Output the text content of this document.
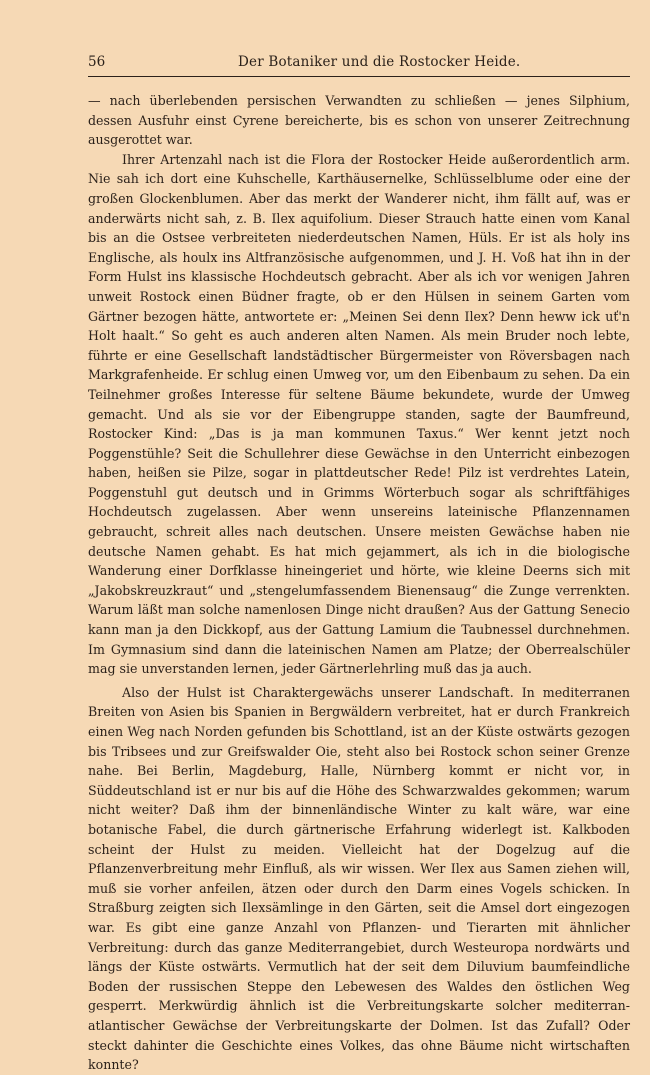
56	Der Botaniker und die Rostocker Heide.

— nach überlebenden persischen Verwandten zu schließen — jenes Silphium, dessen Ausfuhr einst Cyrene bereicherte, bis es schon von unserer Zeitrechnung ausgerottet war.

Ihrer Artenzahl nach ist die Flora der Rostocker Heide außerordentlich arm. Nie sah ich dort eine Kuhschelle, Karthäusernelke, Schlüsselblume oder eine der großen Glockenblumen. Aber das merkt der Wanderer nicht, ihm fällt auf, was er anderwärts nicht sah, z. B. Ilex aquifolium. Dieser Strauch hatte einen vom Kanal bis an die Ostsee verbreiteten niederdeutschen Namen, Hüls. Er ist als holy ins Englische, als houlx ins Altfranzösische aufgenommen, und J. H. Voß hat ihn in der Form Hulst ins klassische Hochdeutsch gebracht. Aber als ich vor wenigen Jahren unweit Rostock einen Büdner fragte, ob er den Hülsen in seinem Garten vom Gärtner bezogen hätte, antwortete er: „Meinen Sei denn Ilex? Denn heww ick uť'n Holt haalt.“ So geht es auch anderen alten Namen. Als mein Bruder noch lebte, führte er eine Gesellschaft landstädtischer Bürgermeister von Röversbagen nach Markgrafenheide. Er schlug einen Umweg vor, um den Eibenbaum zu sehen. Da ein Teilnehmer großes Interesse für seltene Bäume bekundete, wurde der Umweg gemacht. Und als sie vor der Eibengruppe standen, sagte der Baumfreund, Rostocker Kind: „Das is ja man kommunen Taxus.“ Wer kennt jetzt noch Poggenstühle? Seit die Schullehrer diese Gewächse in den Unterricht einbezogen haben, heißen sie Pilze, sogar in plattdeutscher Rede! Pilz ist verdrehtes Latein, Poggenstuhl gut deutsch und in Grimms Wörterbuch sogar als schriftfähiges Hochdeutsch zugelassen. Aber wenn unsereins lateinische Pflanzennamen gebraucht, schreit alles nach deutschen. Unsere meisten Gewächse haben nie deutsche Namen gehabt. Es hat mich gejammert, als ich in die biologische Wanderung einer Dorfklasse hineingeriet und hörte, wie kleine Deerns sich mit „Jakobskreuzkraut“ und „stengelumfassendem Bienensaug“ die Zunge verrenkten. Warum läßt man solche namenlosen Dinge nicht draußen? Aus der Gattung Senecio kann man ja den Dickkopf, aus der Gattung Lamium die Taubnessel durchnehmen. Im Gymnasium sind dann die lateinischen Namen am Platze; der Oberrealschüler mag sie unverstanden lernen, jeder Gärtnerlehrling muß das ja auch.

Also der Hulst ist Charaktergewächs unserer Landschaft. In mediterranen Breiten von Asien bis Spanien in Bergwäldern verbreitet, hat er durch Frankreich einen Weg nach Norden gefunden bis Schottland, ist an der Küste ostwärts gezogen bis Tribsees und zur Greifswalder Oie, steht also bei Rostock schon seiner Grenze nahe. Bei Berlin, Magdeburg, Halle, Nürnberg kommt er nicht vor, in Süddeutschland ist er nur bis auf die Höhe des Schwarzwaldes gekommen; warum nicht weiter? Daß ihm der binnenländische Winter zu kalt wäre, war eine botanische Fabel, die durch gärtnerische Erfahrung widerlegt ist. Kalkboden scheint der Hulst zu meiden. Vielleicht hat der Dogelzug auf die Pflanzenverbreitung mehr Einfluß, als wir wissen. Wer Ilex aus Samen ziehen will, muß sie vorher anfeilen, ätzen oder durch den Darm eines Vogels schicken. In Straßburg zeigten sich Ilexsämlinge in den Gärten, seit die Amsel dort eingezogen war. Es gibt eine ganze Anzahl von Pflanzen- und Tierarten mit ähnlicher Verbreitung: durch das ganze Mediterrangebiet, durch Westeuropa nordwärts und längs der Küste ostwärts. Vermutlich hat der seit dem Diluvium baumfeindliche Boden der russischen Steppe den Lebewesen des Waldes den östlichen Weg gesperrt. Merkwürdig ähnlich ist die Verbreitungskarte solcher mediterran-atlantischer Gewächse der Verbreitungskarte der Dolmen. Ist das Zufall? Oder steckt dahinter die Geschichte eines Volkes, das ohne Bäume nicht wirtschaften konnte?
